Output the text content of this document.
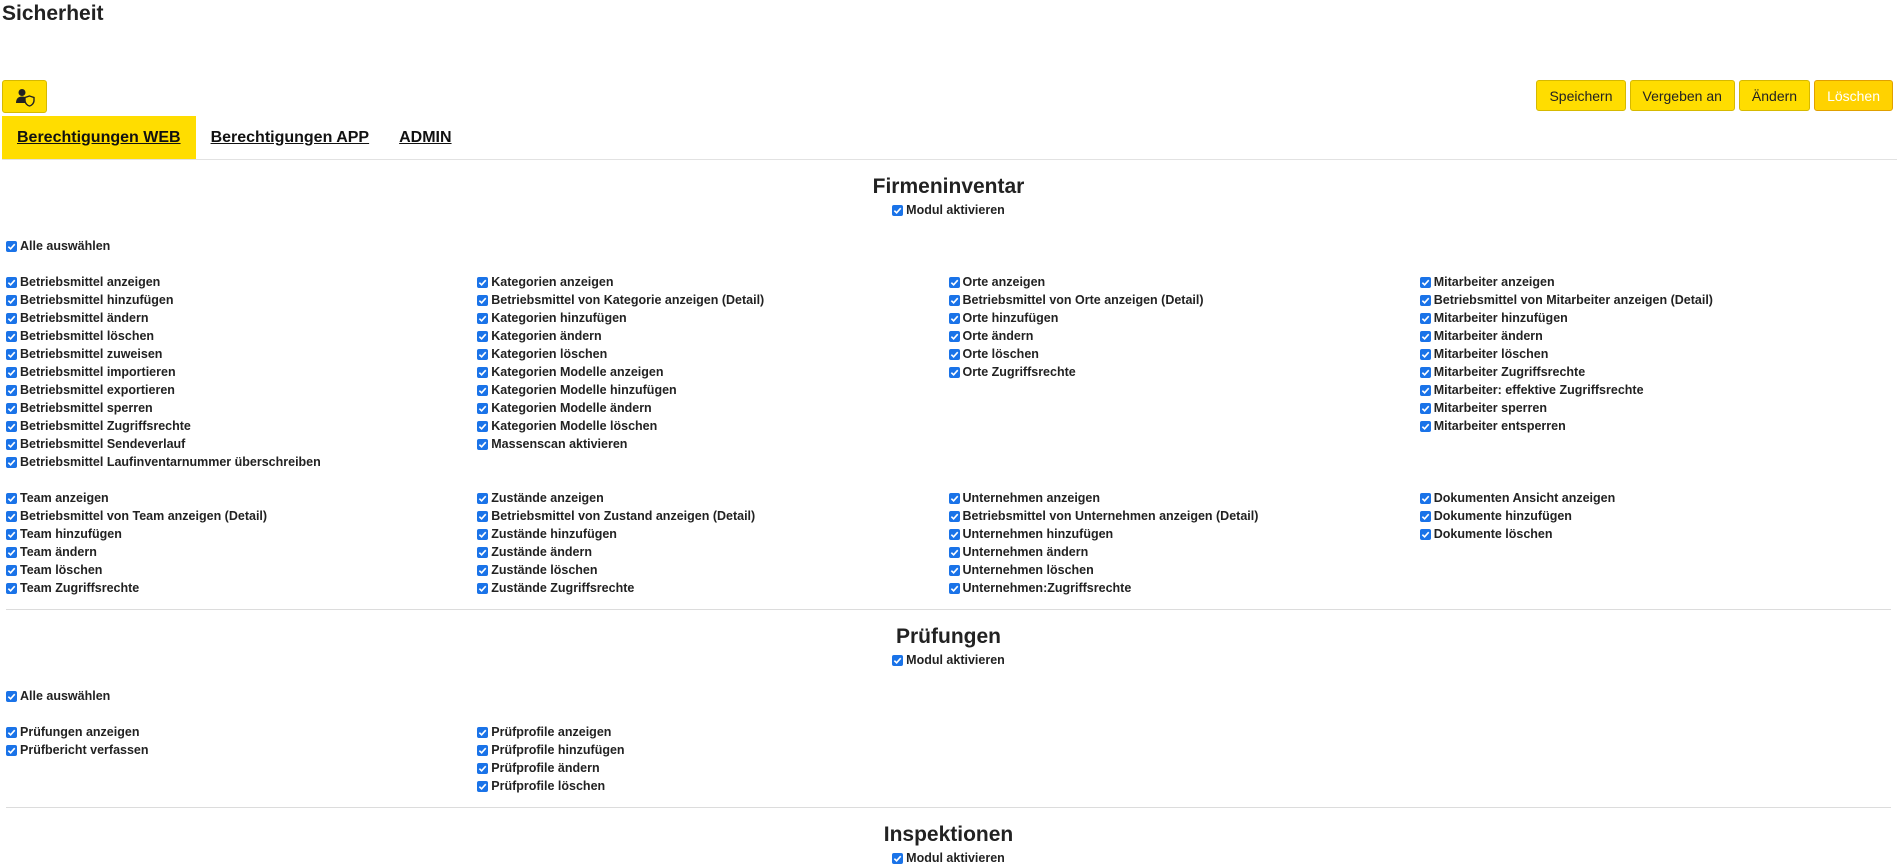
Sicherheit
Speichern	Vergeben an	Ändern	Löschen
Berechtigungen WEB	Berechtigungen APP	ADMIN
Firmeninventar
Modul aktivieren
Alle auswählen
Betriebsmittel anzeigen
Betriebsmittel hinzufügen
Betriebsmittel ändern
Betriebsmittel löschen
Betriebsmittel zuweisen
Betriebsmittel importieren
Betriebsmittel exportieren
Betriebsmittel sperren
Betriebsmittel Zugriffsrechte
Betriebsmittel Sendeverlauf
Betriebsmittel Laufinventarnummer überschreiben
Kategorien anzeigen
Betriebsmittel von Kategorie anzeigen (Detail)
Kategorien hinzufügen
Kategorien ändern
Kategorien löschen
Kategorien Modelle anzeigen
Kategorien Modelle hinzufügen
Kategorien Modelle ändern
Kategorien Modelle löschen
Massenscan aktivieren
Orte anzeigen
Betriebsmittel von Orte anzeigen (Detail)
Orte hinzufügen
Orte ändern
Orte löschen
Orte Zugriffsrechte
Mitarbeiter anzeigen
Betriebsmittel von Mitarbeiter anzeigen (Detail)
Mitarbeiter hinzufügen
Mitarbeiter ändern
Mitarbeiter löschen
Mitarbeiter Zugriffsrechte
Mitarbeiter: effektive Zugriffsrechte
Mitarbeiter sperren
Mitarbeiter entsperren
Team anzeigen
Betriebsmittel von Team anzeigen (Detail)
Team hinzufügen
Team ändern
Team löschen
Team Zugriffsrechte
Zustände anzeigen
Betriebsmittel von Zustand anzeigen (Detail)
Zustände hinzufügen
Zustände ändern
Zustände löschen
Zustände Zugriffsrechte
Unternehmen anzeigen
Betriebsmittel von Unternehmen anzeigen (Detail)
Unternehmen hinzufügen
Unternehmen ändern
Unternehmen löschen
Unternehmen:Zugriffsrechte
Dokumenten Ansicht anzeigen
Dokumente hinzufügen
Dokumente löschen
Prüfungen
Modul aktivieren
Alle auswählen
Prüfungen anzeigen
Prüfbericht verfassen
Prüfprofile anzeigen
Prüfprofile hinzufügen
Prüfprofile ändern
Prüfprofile löschen
Inspektionen
Modul aktivieren
